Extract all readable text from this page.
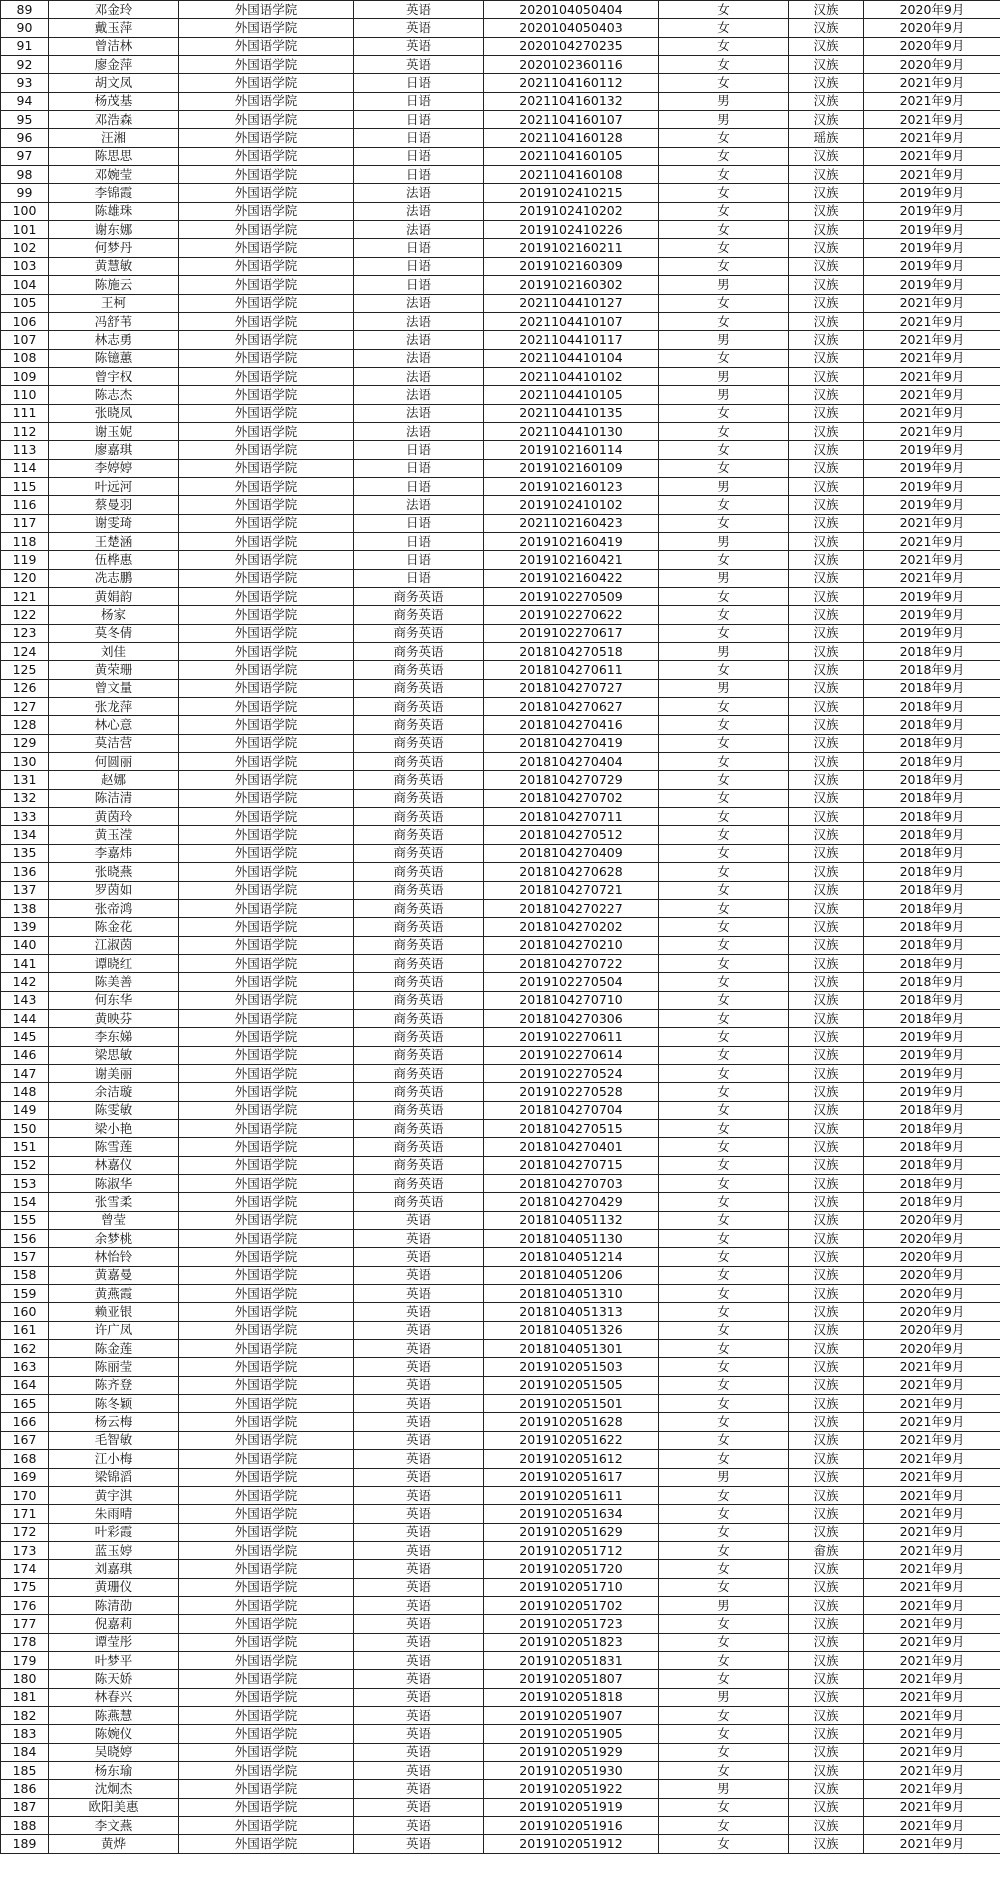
89	邓金玲	外国语学院	英语	2020104050404	女	汉族	2020年9月
90	戴玉萍	外国语学院	英语	2020104050403	女	汉族	2020年9月
91	曾洁林	外国语学院	英语	2020104270235	女	汉族	2020年9月
92	廖金萍	外国语学院	英语	2020102360116	女	汉族	2020年9月
93	胡文凤	外国语学院	日语	2021104160112	女	汉族	2021年9月
94	杨茂基	外国语学院	日语	2021104160132	男	汉族	2021年9月
95	邓浩森	外国语学院	日语	2021104160107	男	汉族	2021年9月
96	汪湘	外国语学院	日语	2021104160128	女	瑶族	2021年9月
97	陈思思	外国语学院	日语	2021104160105	女	汉族	2021年9月
98	邓婉莹	外国语学院	日语	2021104160108	女	汉族	2021年9月
99	李锦霞	外国语学院	法语	2019102410215	女	汉族	2019年9月
100	陈雄珠	外国语学院	法语	2019102410202	女	汉族	2019年9月
101	谢东娜	外国语学院	法语	2019102410226	女	汉族	2019年9月
102	何梦丹	外国语学院	日语	2019102160211	女	汉族	2019年9月
103	黄慧敏	外国语学院	日语	2019102160309	女	汉族	2019年9月
104	陈施云	外国语学院	日语	2019102160302	男	汉族	2019年9月
105	王柯	外国语学院	法语	2021104410127	女	汉族	2021年9月
106	冯舒苇	外国语学院	法语	2021104410107	女	汉族	2021年9月
107	林志勇	外国语学院	法语	2021104410117	男	汉族	2021年9月
108	陈镱蕙	外国语学院	法语	2021104410104	女	汉族	2021年9月
109	曾宇权	外国语学院	法语	2021104410102	男	汉族	2021年9月
110	陈志杰	外国语学院	法语	2021104410105	男	汉族	2021年9月
111	张晓凤	外国语学院	法语	2021104410135	女	汉族	2021年9月
112	谢玉妮	外国语学院	法语	2021104410130	女	汉族	2021年9月
113	廖嘉琪	外国语学院	日语	2019102160114	女	汉族	2019年9月
114	李婷婷	外国语学院	日语	2019102160109	女	汉族	2019年9月
115	叶远河	外国语学院	日语	2019102160123	男	汉族	2019年9月
116	蔡曼羽	外国语学院	法语	2019102410102	女	汉族	2019年9月
117	谢雯琦	外国语学院	日语	2021102160423	女	汉族	2021年9月
118	王楚涵	外国语学院	日语	2019102160419	男	汉族	2021年9月
119	伍桦惠	外国语学院	日语	2019102160421	女	汉族	2021年9月
120	冼志鹏	外国语学院	日语	2019102160422	男	汉族	2021年9月
121	黄娟韵	外国语学院	商务英语	2019102270509	女	汉族	2019年9月
122	杨家	外国语学院	商务英语	2019102270622	女	汉族	2019年9月
123	莫冬倩	外国语学院	商务英语	2019102270617	女	汉族	2019年9月
124	刘佳	外国语学院	商务英语	2018104270518	男	汉族	2018年9月
125	黄荣珊	外国语学院	商务英语	2018104270611	女	汉族	2018年9月
126	曾文量	外国语学院	商务英语	2018104270727	男	汉族	2018年9月
127	张龙萍	外国语学院	商务英语	2018104270627	女	汉族	2018年9月
128	林心意	外国语学院	商务英语	2018104270416	女	汉族	2018年9月
129	莫洁营	外国语学院	商务英语	2018104270419	女	汉族	2018年9月
130	何圆丽	外国语学院	商务英语	2018104270404	女	汉族	2018年9月
131	赵娜	外国语学院	商务英语	2018104270729	女	汉族	2018年9月
132	陈洁清	外国语学院	商务英语	2018104270702	女	汉族	2018年9月
133	黄茵玲	外国语学院	商务英语	2018104270711	女	汉族	2018年9月
134	黄玉滢	外国语学院	商务英语	2018104270512	女	汉族	2018年9月
135	李嘉炜	外国语学院	商务英语	2018104270409	女	汉族	2018年9月
136	张晓燕	外国语学院	商务英语	2018104270628	女	汉族	2018年9月
137	罗茵如	外国语学院	商务英语	2018104270721	女	汉族	2018年9月
138	张帝鸿	外国语学院	商务英语	2018104270227	女	汉族	2018年9月
139	陈金花	外国语学院	商务英语	2018104270202	女	汉族	2018年9月
140	江淑茵	外国语学院	商务英语	2018104270210	女	汉族	2018年9月
141	谭晓红	外国语学院	商务英语	2018104270722	女	汉族	2018年9月
142	陈美善	外国语学院	商务英语	2019102270504	女	汉族	2018年9月
143	何东华	外国语学院	商务英语	2018104270710	女	汉族	2018年9月
144	黄映芬	外国语学院	商务英语	2018104270306	女	汉族	2018年9月
145	李东娣	外国语学院	商务英语	2019102270611	女	汉族	2019年9月
146	梁思敏	外国语学院	商务英语	2019102270614	女	汉族	2019年9月
147	谢美丽	外国语学院	商务英语	2019102270524	女	汉族	2019年9月
148	余洁璇	外国语学院	商务英语	2019102270528	女	汉族	2019年9月
149	陈雯敏	外国语学院	商务英语	2018104270704	女	汉族	2018年9月
150	梁小艳	外国语学院	商务英语	2018104270515	女	汉族	2018年9月
151	陈雪莲	外国语学院	商务英语	2018104270401	女	汉族	2018年9月
152	林嘉仪	外国语学院	商务英语	2018104270715	女	汉族	2018年9月
153	陈淑华	外国语学院	商务英语	2018104270703	女	汉族	2018年9月
154	张雪柔	外国语学院	商务英语	2018104270429	女	汉族	2018年9月
155	曾莹	外国语学院	英语	2018104051132	女	汉族	2020年9月
156	余梦桃	外国语学院	英语	2018104051130	女	汉族	2020年9月
157	林怡铃	外国语学院	英语	2018104051214	女	汉族	2020年9月
158	黄嘉曼	外国语学院	英语	2018104051206	女	汉族	2020年9月
159	黄燕霞	外国语学院	英语	2018104051310	女	汉族	2020年9月
160	赖亚银	外国语学院	英语	2018104051313	女	汉族	2020年9月
161	许广凤	外国语学院	英语	2018104051326	女	汉族	2020年9月
162	陈金莲	外国语学院	英语	2018104051301	女	汉族	2020年9月
163	陈丽莹	外国语学院	英语	2019102051503	女	汉族	2021年9月
164	陈齐登	外国语学院	英语	2019102051505	女	汉族	2021年9月
165	陈冬颖	外国语学院	英语	2019102051501	女	汉族	2021年9月
166	杨云梅	外国语学院	英语	2019102051628	女	汉族	2021年9月
167	毛智敏	外国语学院	英语	2019102051622	女	汉族	2021年9月
168	江小梅	外国语学院	英语	2019102051612	女	汉族	2021年9月
169	梁锦滔	外国语学院	英语	2019102051617	男	汉族	2021年9月
170	黄宇淇	外国语学院	英语	2019102051611	女	汉族	2021年9月
171	朱雨晴	外国语学院	英语	2019102051634	女	汉族	2021年9月
172	叶彩霞	外国语学院	英语	2019102051629	女	汉族	2021年9月
173	蓝玉婷	外国语学院	英语	2019102051712	女	畲族	2021年9月
174	刘嘉琪	外国语学院	英语	2019102051720	女	汉族	2021年9月
175	黄珊仪	外国语学院	英语	2019102051710	女	汉族	2021年9月
176	陈清劭	外国语学院	英语	2019102051702	男	汉族	2021年9月
177	倪嘉莉	外国语学院	英语	2019102051723	女	汉族	2021年9月
178	谭莹彤	外国语学院	英语	2019102051823	女	汉族	2021年9月
179	叶梦平	外国语学院	英语	2019102051831	女	汉族	2021年9月
180	陈天娇	外国语学院	英语	2019102051807	女	汉族	2021年9月
181	林春兴	外国语学院	英语	2019102051818	男	汉族	2021年9月
182	陈燕慧	外国语学院	英语	2019102051907	女	汉族	2021年9月
183	陈婉仪	外国语学院	英语	2019102051905	女	汉族	2021年9月
184	吴晓婷	外国语学院	英语	2019102051929	女	汉族	2021年9月
185	杨东瑜	外国语学院	英语	2019102051930	女	汉族	2021年9月
186	沈炯杰	外国语学院	英语	2019102051922	男	汉族	2021年9月
187	欧阳美惠	外国语学院	英语	2019102051919	女	汉族	2021年9月
188	李文燕	外国语学院	英语	2019102051916	女	汉族	2021年9月
189	黄烨	外国语学院	英语	2019102051912	女	汉族	2021年9月
